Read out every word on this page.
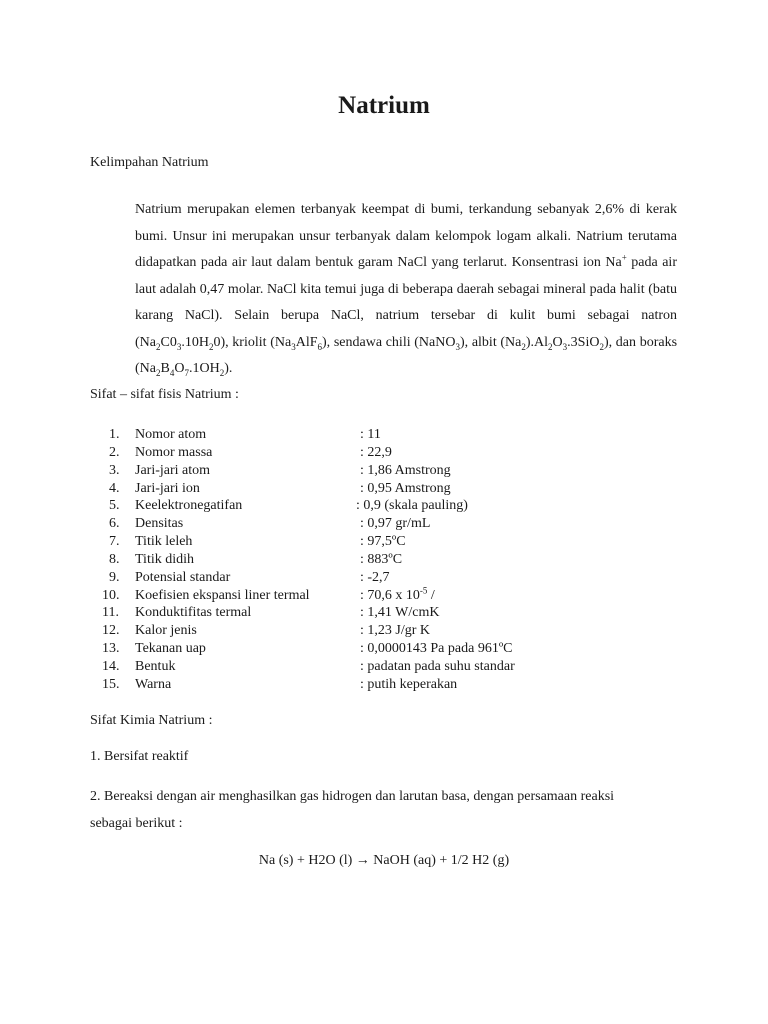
Natrium

Kelimpahan Natrium

Natrium merupakan elemen terbanyak keempat di bumi, terkandung sebanyak 2,6% di kerak bumi. Unsur ini merupakan unsur terbanyak dalam kelompok logam alkali. Natrium terutama didapatkan pada air laut dalam bentuk garam NaCl yang terlarut. Konsentrasi ion Na+ pada air laut adalah 0,47 molar. NaCl kita temui juga di beberapa daerah sebagai mineral pada halit (batu karang NaCl). Selain berupa NaCl, natrium tersebar di kulit bumi sebagai natron $(Na_2C0_3.10H_20)$, kriolit $(Na_3AlF_6)$, sendawa chili (NaNO$_3$), albit $(Na_2).Al_2O_3.3SiO_2$), dan boraks $(Na_2B_4O_7.1OH_2)$.

Sifat – sifat fisis Natrium :

1. Nomor atom	: 11
2. Nomor massa	: 22,9
3. Jari-jari atom	: 1,86 Amstrong
4. Jari-jari ion	: 0,95 Amstrong
5. Keelektronegatifan	: 0,9 (skala pauling)
6. Densitas	: 0,97 gr/mL
7. Titik leleh	: 97,5ºC
8. Titik didih	: 883ºC
9. Potensial standar	: -2,7
10. Koefisien ekspansi liner termal	: 70,6 x $10^{-5}$ /
11. Konduktifitas termal	: 1,41 W/cmK
12. Kalor jenis	: 1,23 J/gr K
13. Tekanan uap	: 0,0000143 Pa pada 961ºC
14. Bentuk	: padatan pada suhu standar
15. Warna	: putih keperakan

Sifat Kimia Natrium :

1. Bersifat reaktif

2. Bereaksi dengan air menghasilkan gas hidrogen dan larutan basa, dengan persamaan reaksi

sebagai berikut :

Na (s) + H2O (l) → NaOH (aq) + 1/2 H2 (g)
